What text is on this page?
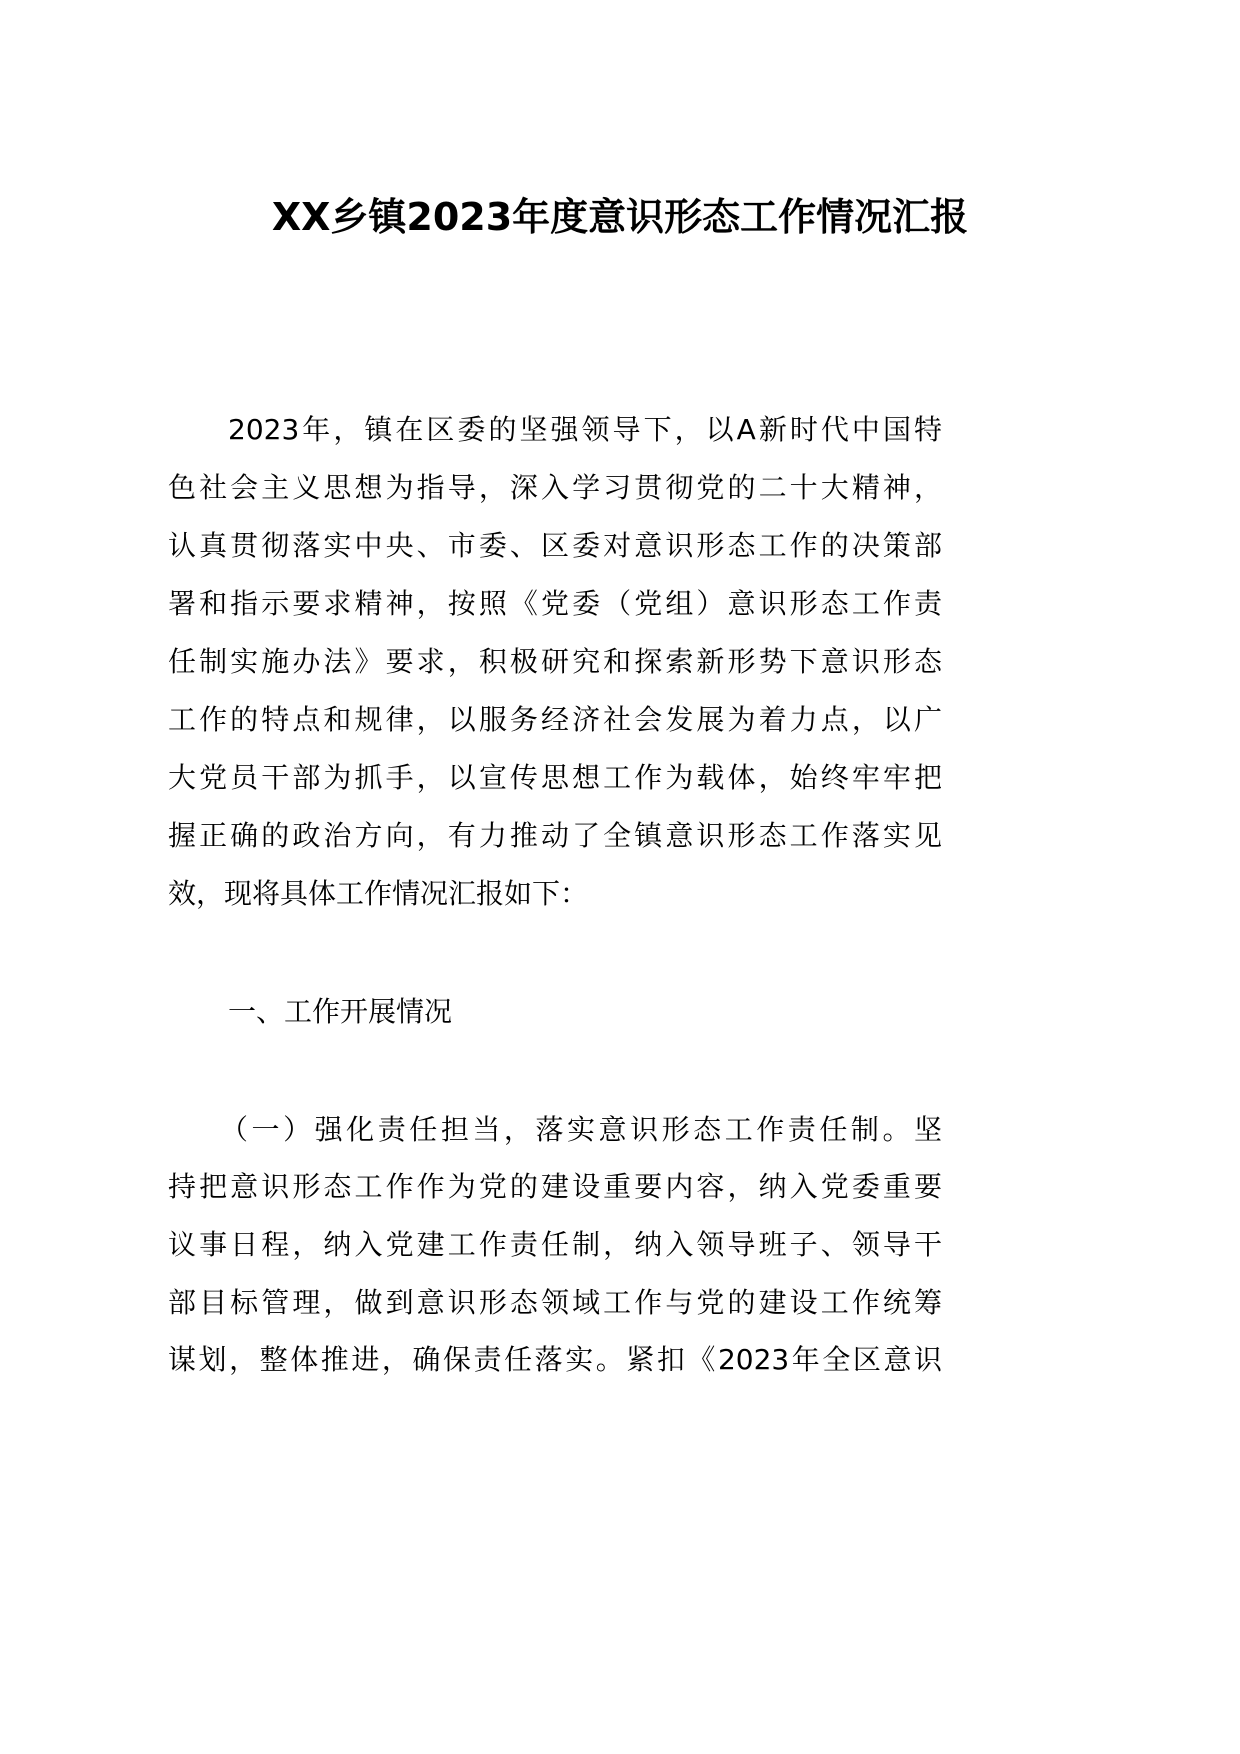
XX乡镇2023年度意识形态工作情况汇报
2023年，镇在区委的坚强领导下，以A新时代中国特
色社会主义思想为指导，深入学习贯彻党的二十大精神，
认真贯彻落实中央、市委、区委对意识形态工作的决策部
署和指示要求精神，按照《党委（党组）意识形态工作责
任制实施办法》要求，积极研究和探索新形势下意识形态
工作的特点和规律，以服务经济社会发展为着力点，以广
大党员干部为抓手，以宣传思想工作为载体，始终牢牢把
握正确的政治方向，有力推动了全镇意识形态工作落实见
效，现将具体工作情况汇报如下：
一、工作开展情况
（一）强化责任担当，落实意识形态工作责任制。坚
持把意识形态工作作为党的建设重要内容，纳入党委重要
议事日程，纳入党建工作责任制，纳入领导班子、领导干
部目标管理，做到意识形态领域工作与党的建设工作统筹
谋划，整体推进，确保责任落实。紧扣《2023年全区意识
